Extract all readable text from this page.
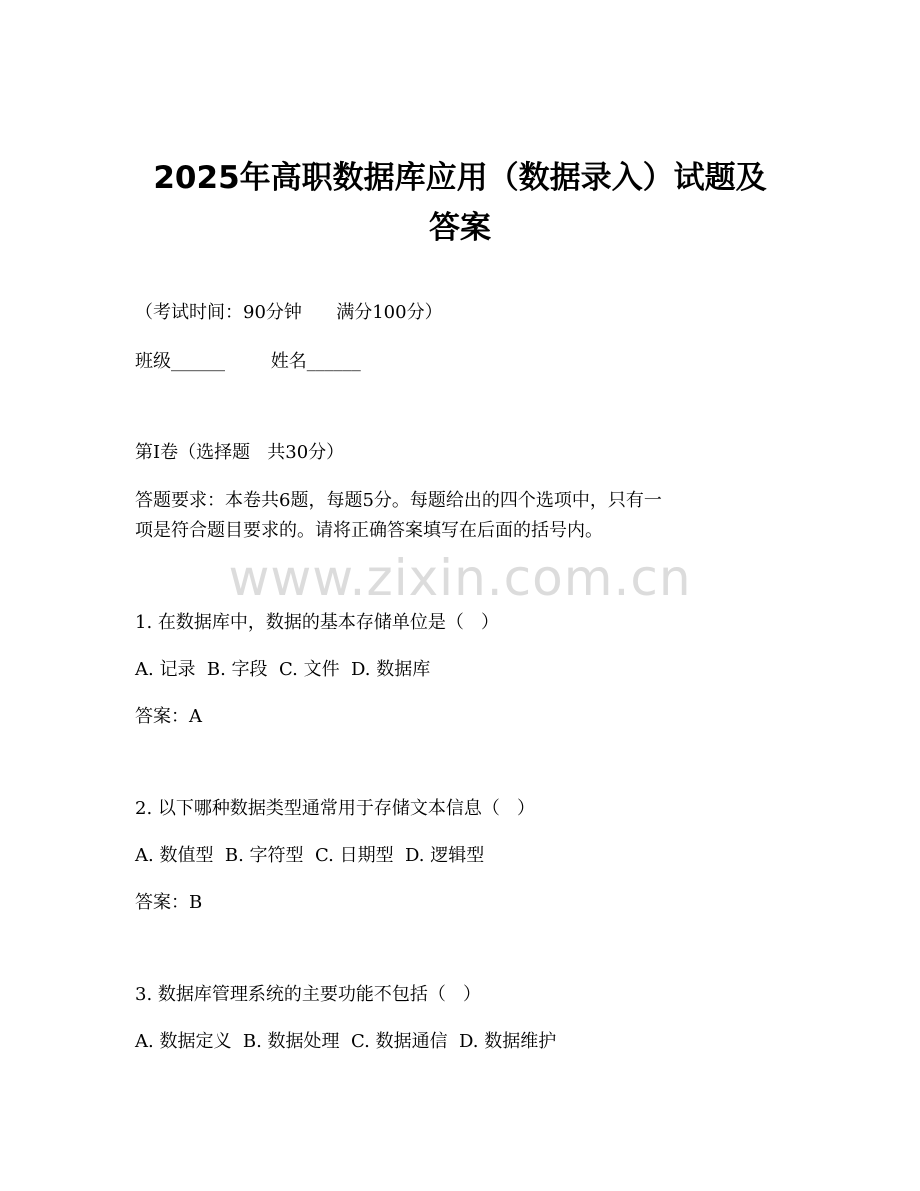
2025年高职数据库应用（数据录入）试题及
答案

（考试时间：90分钟      满分100分）

班级______        姓名______

第I卷（选择题   共30分）

答题要求：本卷共6题，每题5分。每题给出的四个选项中，只有一

项是符合题目要求的。请将正确答案填写在后面的括号内。

www.zixin.com.cn

1. 在数据库中，数据的基本存储单位是（   ）

A. 记录  B. 字段  C. 文件  D. 数据库

答案：A

2. 以下哪种数据类型通常用于存储文本信息（   ）

A. 数值型  B. 字符型  C. 日期型  D. 逻辑型

答案：B

3. 数据库管理系统的主要功能不包括（   ）

A. 数据定义  B. 数据处理  C. 数据通信  D. 数据维护
